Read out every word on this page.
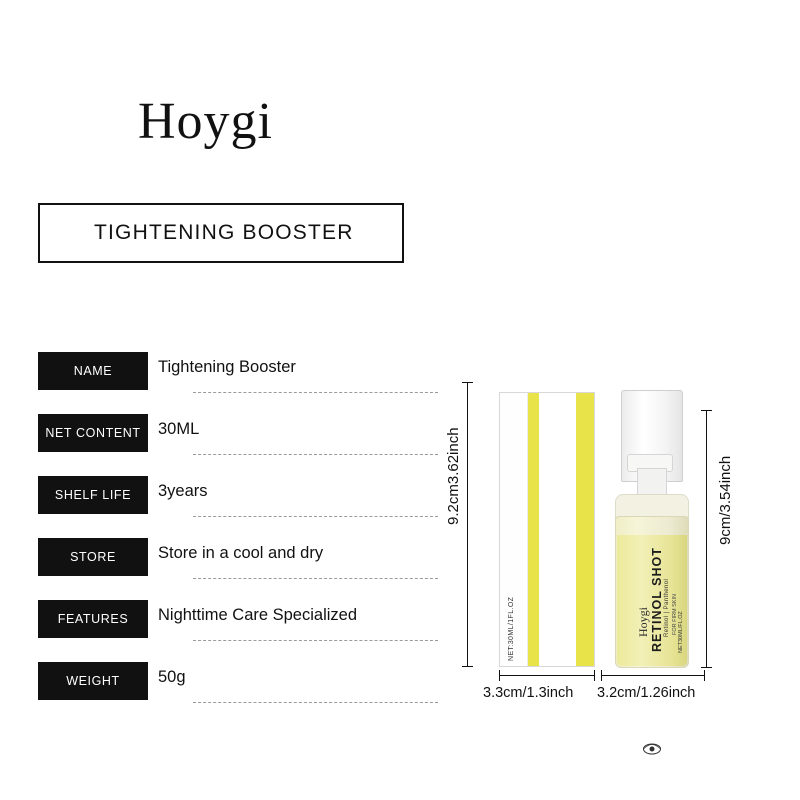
Hoygi
TIGHTENING BOOSTER
NAME	Tightening Booster
NET CONTENT	30ML
SHELF LIFE	3years
STORE	Store in a cool and dry
FEATURES	Nighttime Care Specialized
WEIGHT	50g
9.2cm3.62inch	9cm/3.54inch
3.3cm/1.3inch 3.2cm/1.26inch
NET:30ML/1FL.OZ	Hoygi RETINOL SHOT Retinol | Panthenol FOR FIRM SKIN NET30ML/FL.OZ
